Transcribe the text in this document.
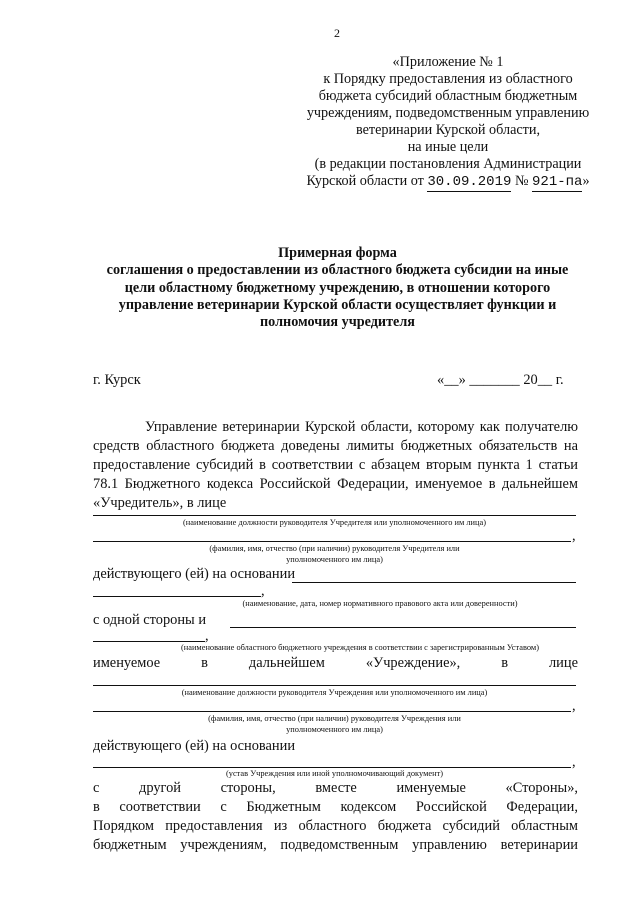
2
«Приложение № 1
к Порядку предоставления из областного
бюджета субсидий областным бюджетным
учреждениям, подведомственным управлению
ветеринарии Курской области,
на иные цели
(в редакции постановления Администрации
Курской области от 30.09.2019 № 921-па»
Примерная форма
соглашения о предоставлении из областного бюджета субсидии на иные
цели областному бюджетному учреждению, в отношении которого
управление ветеринарии Курской области осуществляет функции и
полномочия учредителя
г. Курск	«__» _______ 20__ г.
Управление ветеринарии Курской области, которому как получателю
средств областного бюджета доведены лимиты бюджетных обязательств на
предоставление субсидий в соответствии с абзацем вторым пункта 1 статьи
78.1 Бюджетного кодекса Российской Федерации, именуемое в дальнейшем
«Учредитель», в лице
(наименование должности руководителя Учредителя или уполномоченного им лица)
,
(фамилия, имя, отчество (при наличии) руководителя Учредителя или
уполномоченного им лица)
действующего (ей) на основании
,
(наименование, дата, номер нормативного правового акта или доверенности)
с одной стороны и
,
(наименование областного бюджетного учреждения в соответствии с зарегистрированным Уставом)
именуемое	в	дальнейшем	«Учреждение»,	в	лице
(наименование должности руководителя Учреждения или уполномоченного им лица)
,
(фамилия, имя, отчество (при наличии) руководителя Учреждения или
уполномоченного им лица)
действующего (ей) на основании
,
(устав Учреждения или иной уполномочивающий документ)
с	другой	стороны,	вместе	именуемые	«Стороны»,
в соответствии с Бюджетным кодексом Российской Федерации,
Порядком предоставления из областного бюджета субсидий областным
бюджетным учреждениям, подведомственным управлению ветеринарии
